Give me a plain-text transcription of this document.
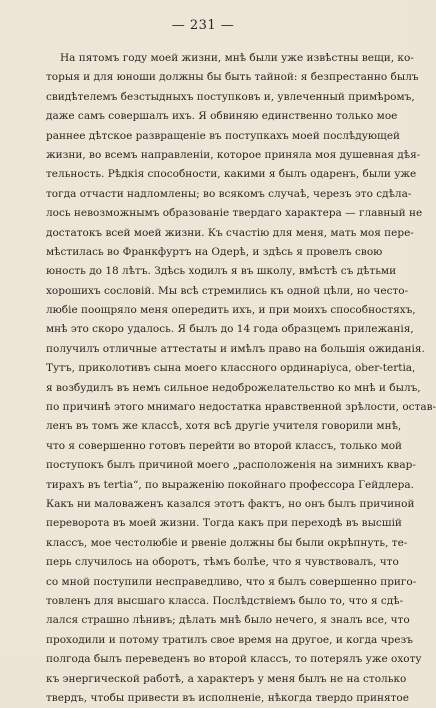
— 231 —
На пятомъ году моей жизни, мнѣ были уже извѣстны вещи, ко-
торыя и для юноши должны бы быть тайной: я безпрестанно былъ
свидѣтелемъ безстыдныхъ поступковъ и, увлеченный примѣромъ,
даже самъ совершалъ ихъ. Я обвиняю единственно только мое
раннее дѣтское развращеніе въ поступкахъ моей послѣдующей
жизни, во всемъ направленіи, которое приняла моя душевная дѣя-
тельность. Рѣдкія способности, какими я былъ одаренъ, были уже
тогда отчасти надломлены; во всякомъ случаѣ, черезъ это сдѣла-
лось невозможнымъ образованіе твердаго характера — главный не
достатокъ всей моей жизни. Къ счастію для меня, мать моя пере-
мѣстилась во Франкфуртъ на Одерѣ, и здѣсь я провелъ свою
юность до 18 лѣтъ. Здѣсь ходилъ я въ школу, вмѣстѣ съ дѣтьми
хорошихъ сословій. Мы всѣ стремились къ одной цѣли, но често-
любіе поощряло меня опередить ихъ, и при моихъ способностяхъ,
мнѣ это скоро удалось. Я былъ до 14 года образцемъ прилежанія,
получилъ отличные аттестаты и имѣлъ право на большія ожиданія.
Тутъ, приколотивъ сына моего классного ординаріуса, ober-tertia,
я возбудилъ въ немъ сильное недоброжелательство ко мнѣ и былъ,
по причинѣ этого мнимаго недостатка нравственной зрѣлости, остав-
ленъ въ томъ же классѣ, хотя всѣ другіе учителя говорили мнѣ,
что я совершенно готовъ перейти во второй классъ, только мой
поступокъ былъ причиной моего „расположенія на зимнихъ квар-
тирахъ въ tertia“, по выраженію покойнаго профессора Гейдлера.
Какъ ни маловаженъ казался этотъ фактъ, но онъ былъ причиной
переворота въ моей жизни. Тогда какъ при переходѣ въ высшій
классъ, мое честолюбіе и рвеніе должны бы были окрѣпнуть, те-
перь случилось на оборотъ, тѣмъ болѣе, что я чувствовалъ, что
со мной поступили несправедливо, что я былъ совершенно приго-
товленъ для высшаго класса. Послѣдствіемъ было то, что я сдѣ-
лался страшно лѣнивъ; дѣлать мнѣ было нечего, я зналъ все, что
проходили и потому тратилъ свое время на другое, и когда чрезъ
полгода былъ переведенъ во второй классъ, то потерялъ уже охоту
къ энергической работѣ, а характеръ у меня былъ не на столько
твердъ, чтобы привести въ исполненіе, нѣкогда твердо принятое
